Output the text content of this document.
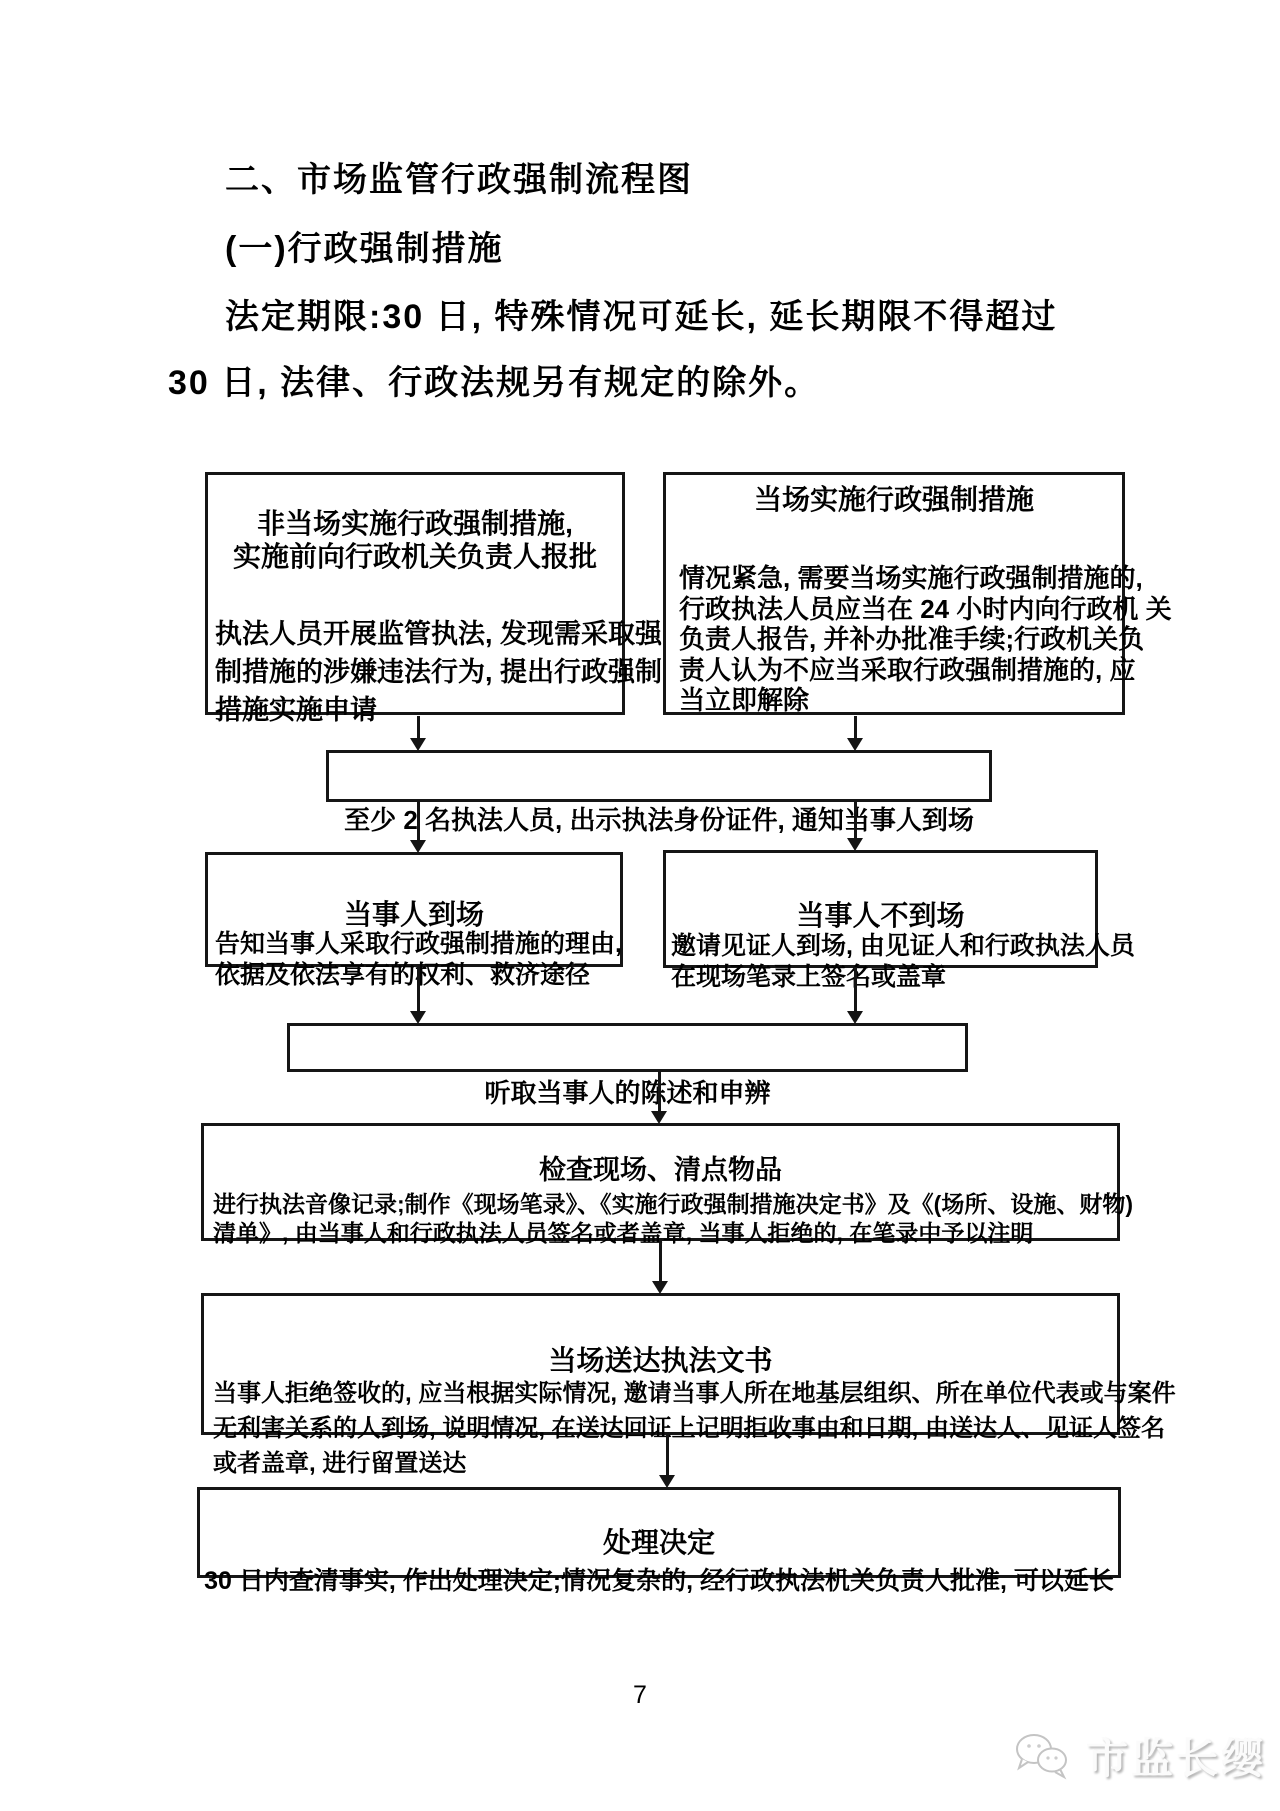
二、市场监管行政强制流程图
(一)行政强制措施
法定期限:30 日, 特殊情况可延长, 延长期限不得超过
30 日, 法律、行政法规另有规定的除外。
非当场实施行政强制措施,
实施前向行政机关负责人报批
执法人员开展监管执法, 发现需采取强
制措施的涉嫌违法行为, 提出行政强制
措施实施申请
当场实施行政强制措施
情况紧急, 需要当场实施行政强制措施的,
行政执法人员应当在 24 小时内向行政机 关
负责人报告, 并补办批准手续;行政机关负
责人认为不应当采取行政强制措施的, 应
当立即解除
至少 2 名执法人员, 出示执法身份证件, 通知当事人到场
当事人到场
告知当事人采取行政强制措施的理由,
依据及依法享有的权利、救济途径
当事人不到场
邀请见证人到场, 由见证人和行政执法人员
在现场笔录上签名或盖章
听取当事人的陈述和申辨
检查现场、清点物品
进行执法音像记录;制作《现场笔录》、《实施行政强制措施决定书》及《(场所、设施、财物)
清单》, 由当事人和行政执法人员签名或者盖章, 当事人拒绝的, 在笔录中予以注明
当场送达执法文书
当事人拒绝签收的, 应当根据实际情况, 邀请当事人所在地基层组织、所在单位代表或与案件
无利害关系的人到场, 说明情况, 在送达回证上记明拒收事由和日期, 由送达人、见证人签名
或者盖章, 进行留置送达
处理决定
30 日内查清事实, 作出处理决定;情况复杂的, 经行政执法机关负责人批准, 可以延长
7
市监长缨
